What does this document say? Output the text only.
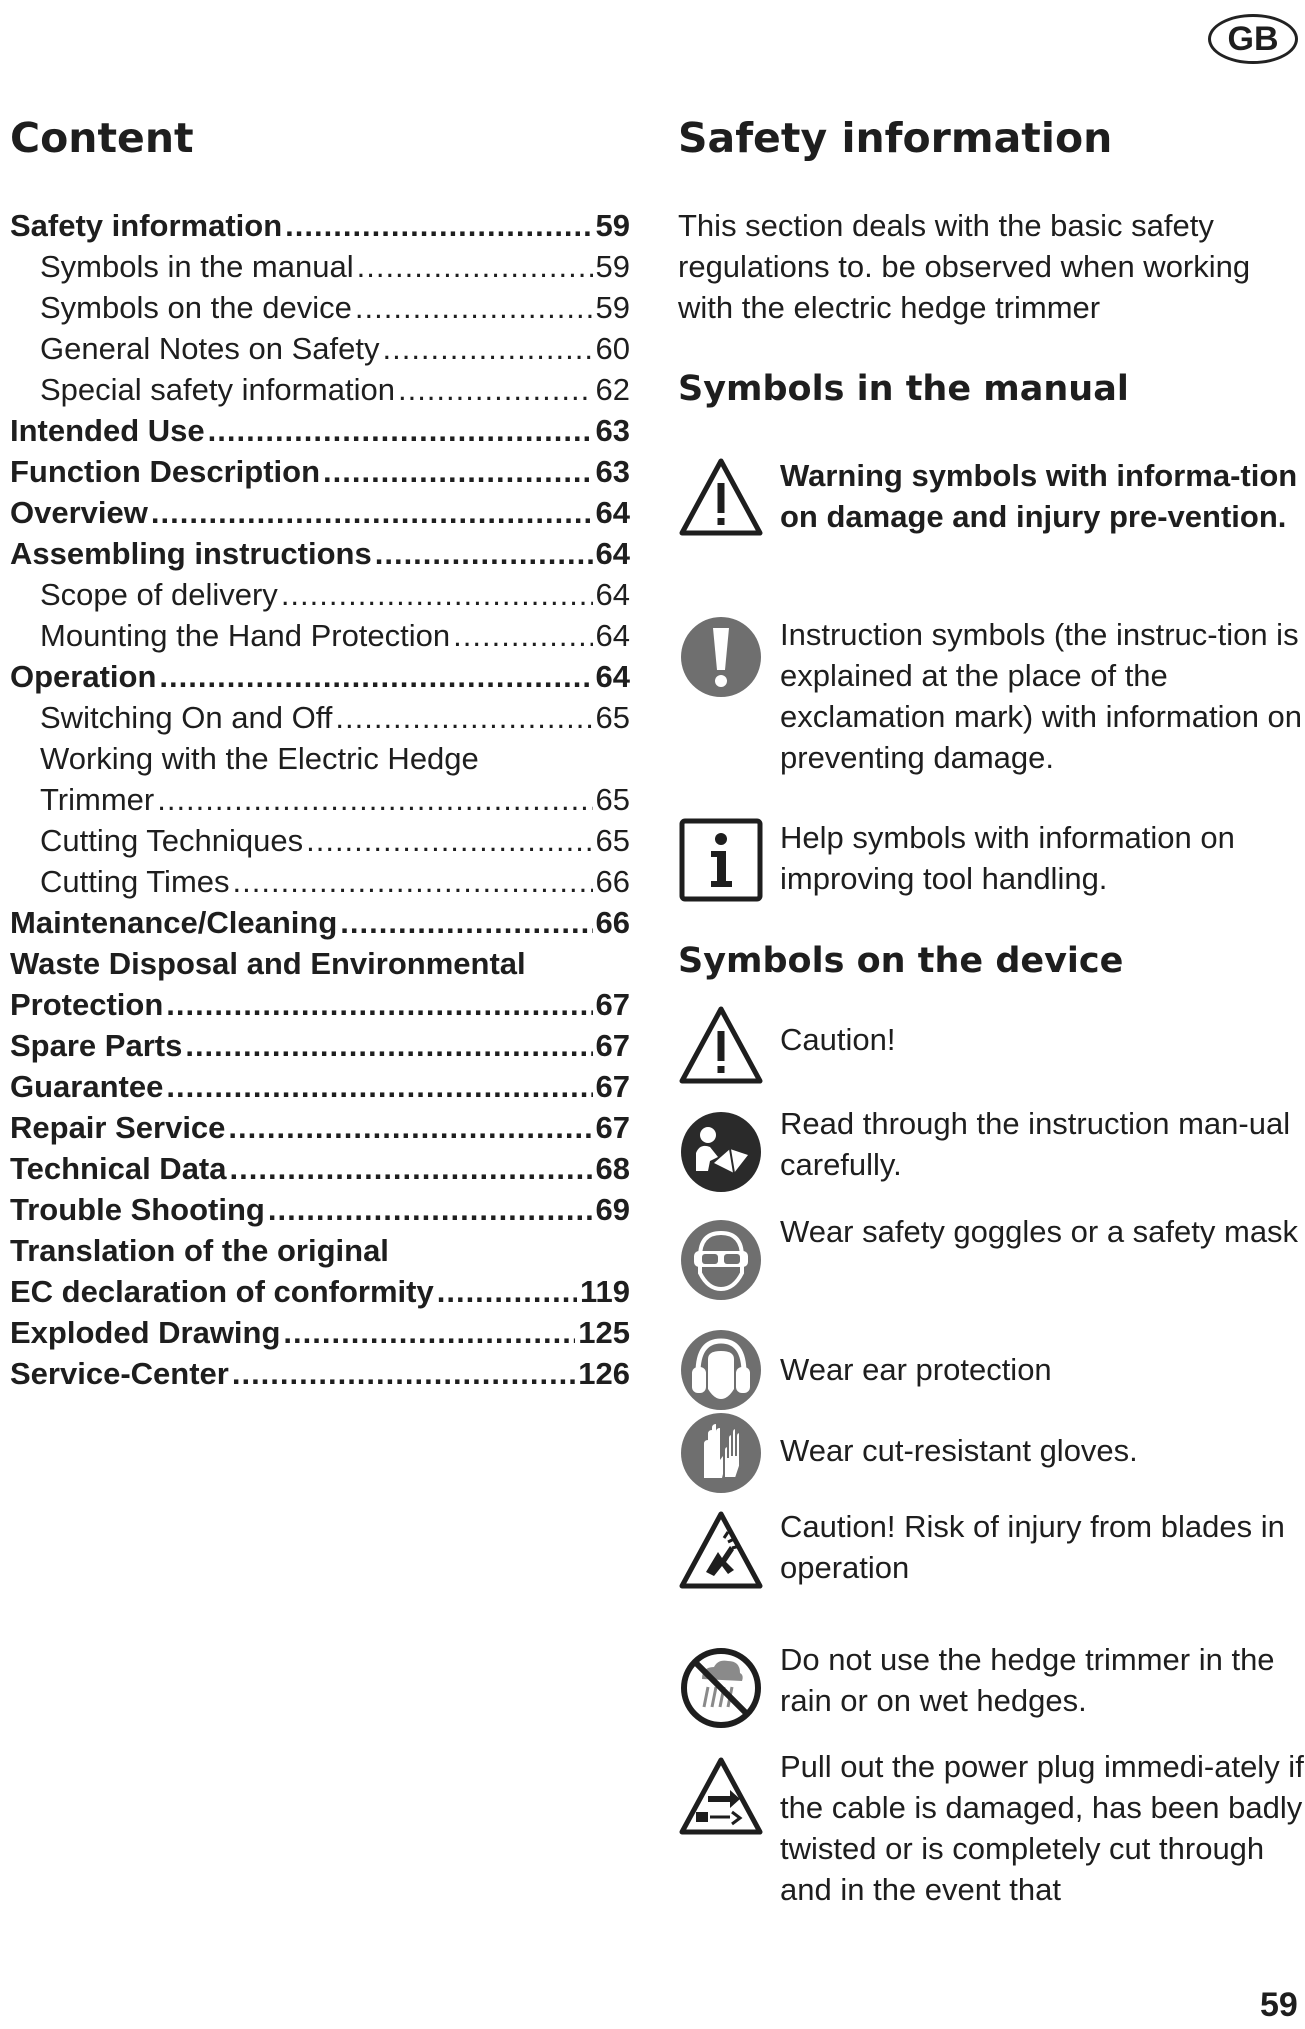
GB
Content
Safety information .....	59
Symbols in the manual .....	59
Symbols on the device .....	59
General Notes on Safety .....	60
Special safety information .....	62
Intended Use .....	63
Function Description .....	63
Overview .....	64
Assembling instructions .....	64
Scope of delivery .....	64
Mounting the Hand Protection .....	64
Operation .....	64
Switching On and Off .....	65
Working with the Electric Hedge
Trimmer .....	65
Cutting Techniques .....	65
Cutting Times .....	66
Maintenance/Cleaning .....	66
Waste Disposal and Environmental
Protection .....	67
Spare Parts .....	67
Guarantee .....	67
Repair Service .....	67
Technical Data .....	68
Trouble Shooting .....	69
Translation of the original
EC declaration of conformity .....	119
Exploded Drawing .....	125
Service-Center .....	126
Safety information

This section deals with the basic safety regulations to. be observed when working with the electric hedge trimmer

Symbols in the manual

Warning symbols with informa-tion on damage and injury pre-vention.

Instruction symbols (the instruc-tion is explained at the place of the exclamation mark) with information on preventing damage.

Help symbols with information on improving tool handling.

Symbols on the device

Caution!

Read through the instruction man-ual carefully.

Wear safety goggles or a safety mask

Wear ear protection

Wear cut-resistant gloves.

Caution! Risk of injury from blades in operation

Do not use the hedge trimmer in the rain or on wet hedges.

Pull out the power plug immedi-ately if the cable is damaged, has been badly twisted or is completely cut through and in the event that

59
